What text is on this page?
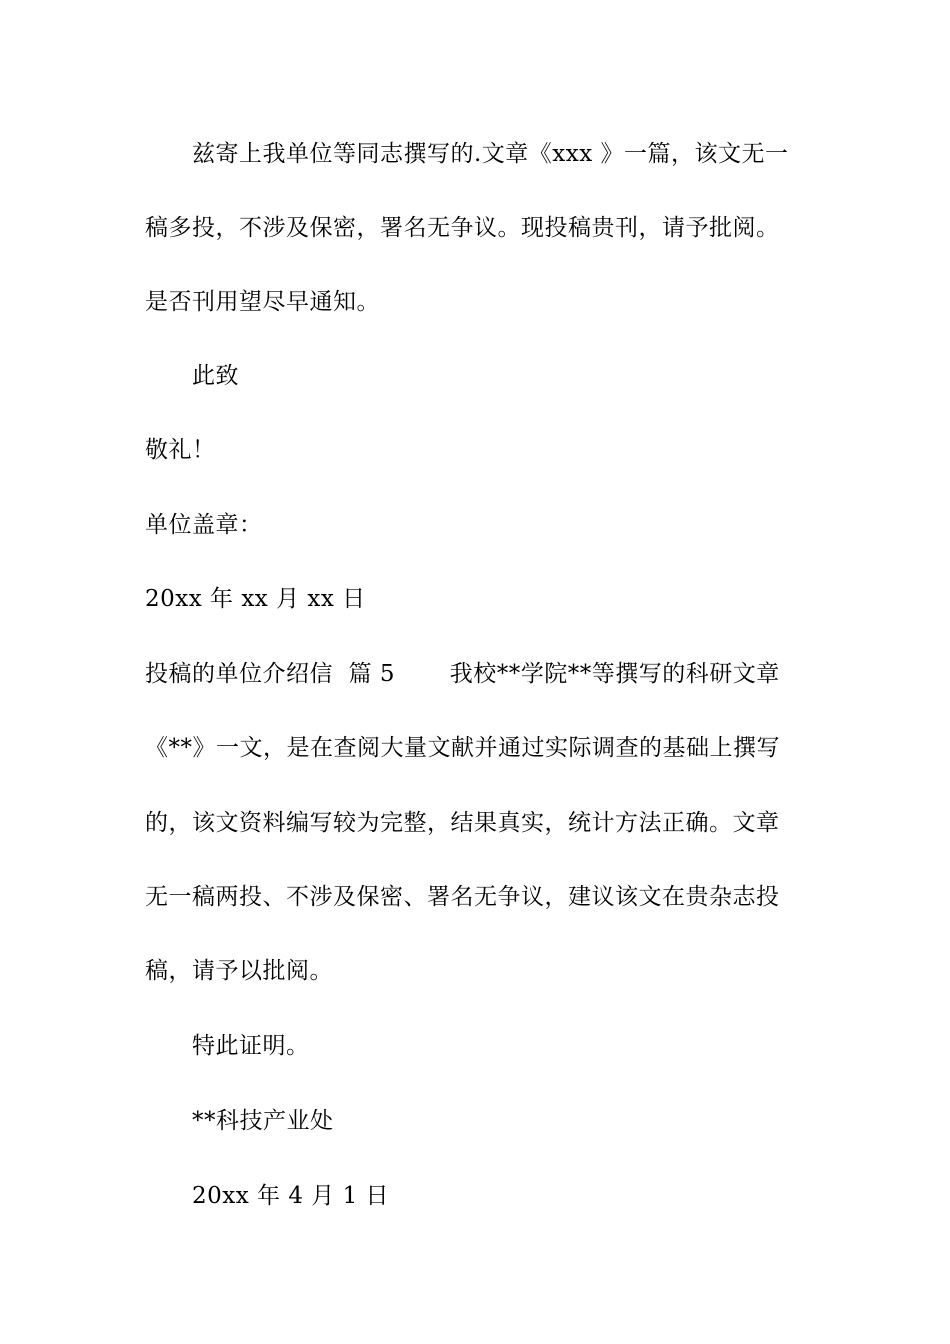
兹寄上我单位等同志撰写的.文章《xxx 》一篇，该文无一
稿多投，不涉及保密，署名无争议。现投稿贵刊，请予批阅。
是否刊用望尽早通知。
此致
敬礼！
单位盖章：
20xx 年 xx 月 xx 日
投稿的单位介绍信  篇 5       我校**学院**等撰写的科研文章
《**》一文，是在查阅大量文献并通过实际调查的基础上撰写
的，该文资料编写较为完整，结果真实，统计方法正确。文章
无一稿两投、不涉及保密、署名无争议，建议该文在贵杂志投
稿，请予以批阅。
特此证明。
**科技产业处
20xx 年 4 月 1 日
